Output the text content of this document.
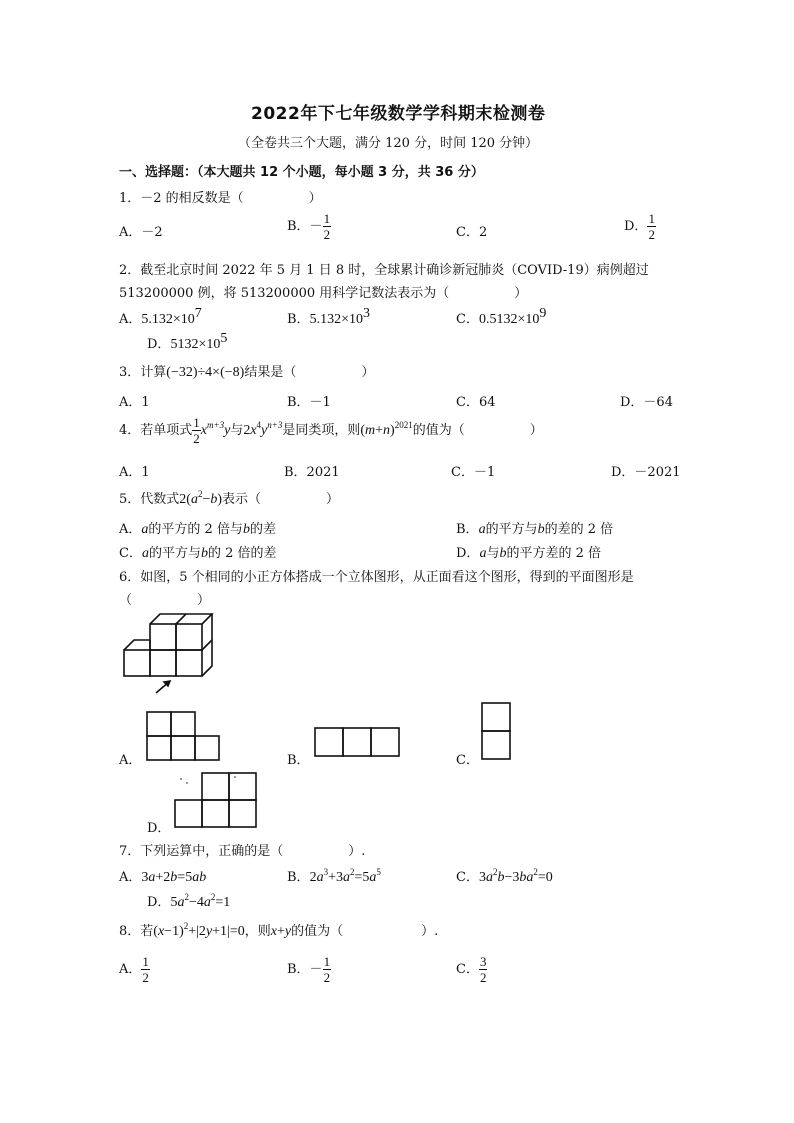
2022年下七年级数学学科期末检测卷
（全卷共三个大题，满分 120 分，时间 120 分钟）
一、选择题：（本大题共 12 个小题，每小题 3 分，共 36 分）
1．－2 的相反数是（　　　　　）
A．－2	B．－ $\frac{1}{2}$	C．2	D． $\frac{1}{2}$
2．截至北京时间 2022 年 5 月 1 日 8 时，全球累计确诊新冠肺炎（COVID-19）病例超过
513200000 例，将 513200000 用科学记数法表示为（　　　　　）
A．$5.132\times 10^7$	B．$5.132\times 10^3$	C．$0.5132\times 10^9$
D．$5132\times 10^5$
3．计算(−32)÷4×(−8)结果是（　　　　　）
A．1	B．－1	C．64	D．－64
4．若单项式 $\frac{1}{2} x^{m+3}y$与$2x^4y^{n+3}$是同类项，则$(m+n)^{2021}$的值为（　　　　　）
A．1	B．2021	C．－1	D．－2021
5．代数式$2(a^2-b)$表示（　　　　　）
A．a的平方的 2 倍与b的差	B．a的平方与b的差的 2 倍
C．a的平方与b的 2 倍的差	D．a与b的平方差的 2 倍
6．如图，5 个相同的小正方体搭成一个立体图形，从正面看这个图形，得到的平面图形是
（　　　　　）
A．	B．	C．
D．
7．下列运算中，正确的是（　　　　　）.
A．3a+2b=5ab	B．$2a^3+3a^2=5a^5$	C．$3a^2b-3ba^2=0$
D．$5a^2-4a^2=1$
8．若$(x-1)^2+|2y+1|=0$，则x+y的值为（　　　　　　）.
A． $\frac{1}{2}$	B．－ $\frac{1}{2}$	C． $\frac{3}{2}$
